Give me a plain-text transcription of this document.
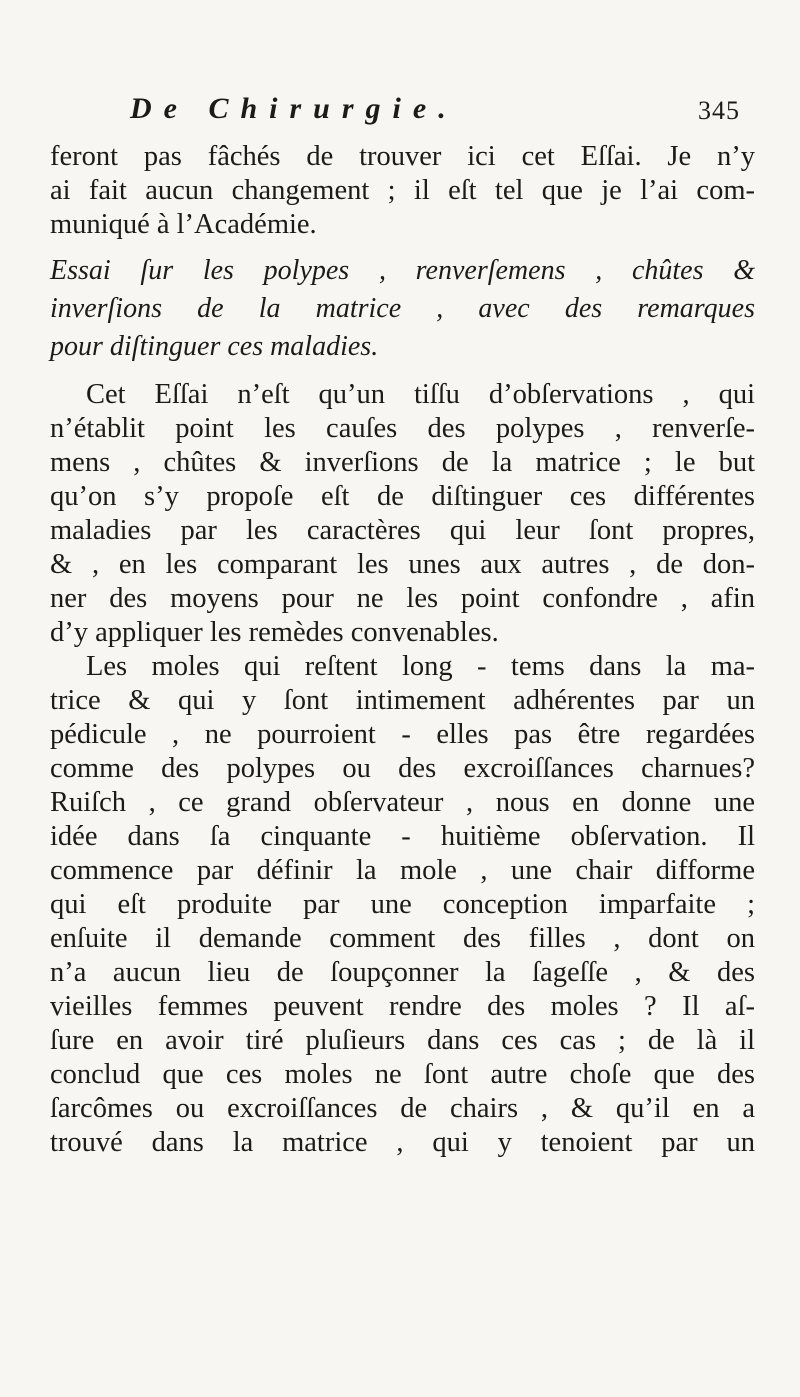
De Chirurgie.	345
feront pas fâchés de trouver ici cet Eſſai. Je n’y
ai fait aucun changement ; il eſt tel que je l’ai com-
muniqué à l’Académie.
Essai ſur les polypes , renverſemens , chûtes &
inverſions de la matrice , avec des remarques
pour diſtinguer ces maladies.
Cet Eſſai n’eſt qu’un tiſſu d’obſervations , qui
n’établit point les cauſes des polypes , renverſe-
mens , chûtes & inverſions de la matrice ; le but
qu’on s’y propoſe eſt de diſtinguer ces différentes
maladies par les caractères qui leur ſont propres,
& , en les comparant les unes aux autres , de don-
ner des moyens pour ne les point confondre , afin
d’y appliquer les remèdes convenables.
Les moles qui reſtent long - tems dans la ma-
trice & qui y ſont intimement adhérentes par un
pédicule , ne pourroient - elles pas être regardées
comme des polypes ou des excroiſſances charnues?
Ruiſch , ce grand obſervateur , nous en donne une
idée dans ſa cinquante - huitième obſervation. Il
commence par définir la mole , une chair difforme
qui eſt produite par une conception imparfaite ;
enſuite il demande comment des filles , dont on
n’a aucun lieu de ſoupçonner la ſageſſe , & des
vieilles femmes peuvent rendre des moles ? Il aſ-
ſure en avoir tiré pluſieurs dans ces cas ; de là il
conclud que ces moles ne ſont autre choſe que des
ſarcômes ou excroiſſances de chairs , & qu’il en a
trouvé dans la matrice , qui y tenoient par un
